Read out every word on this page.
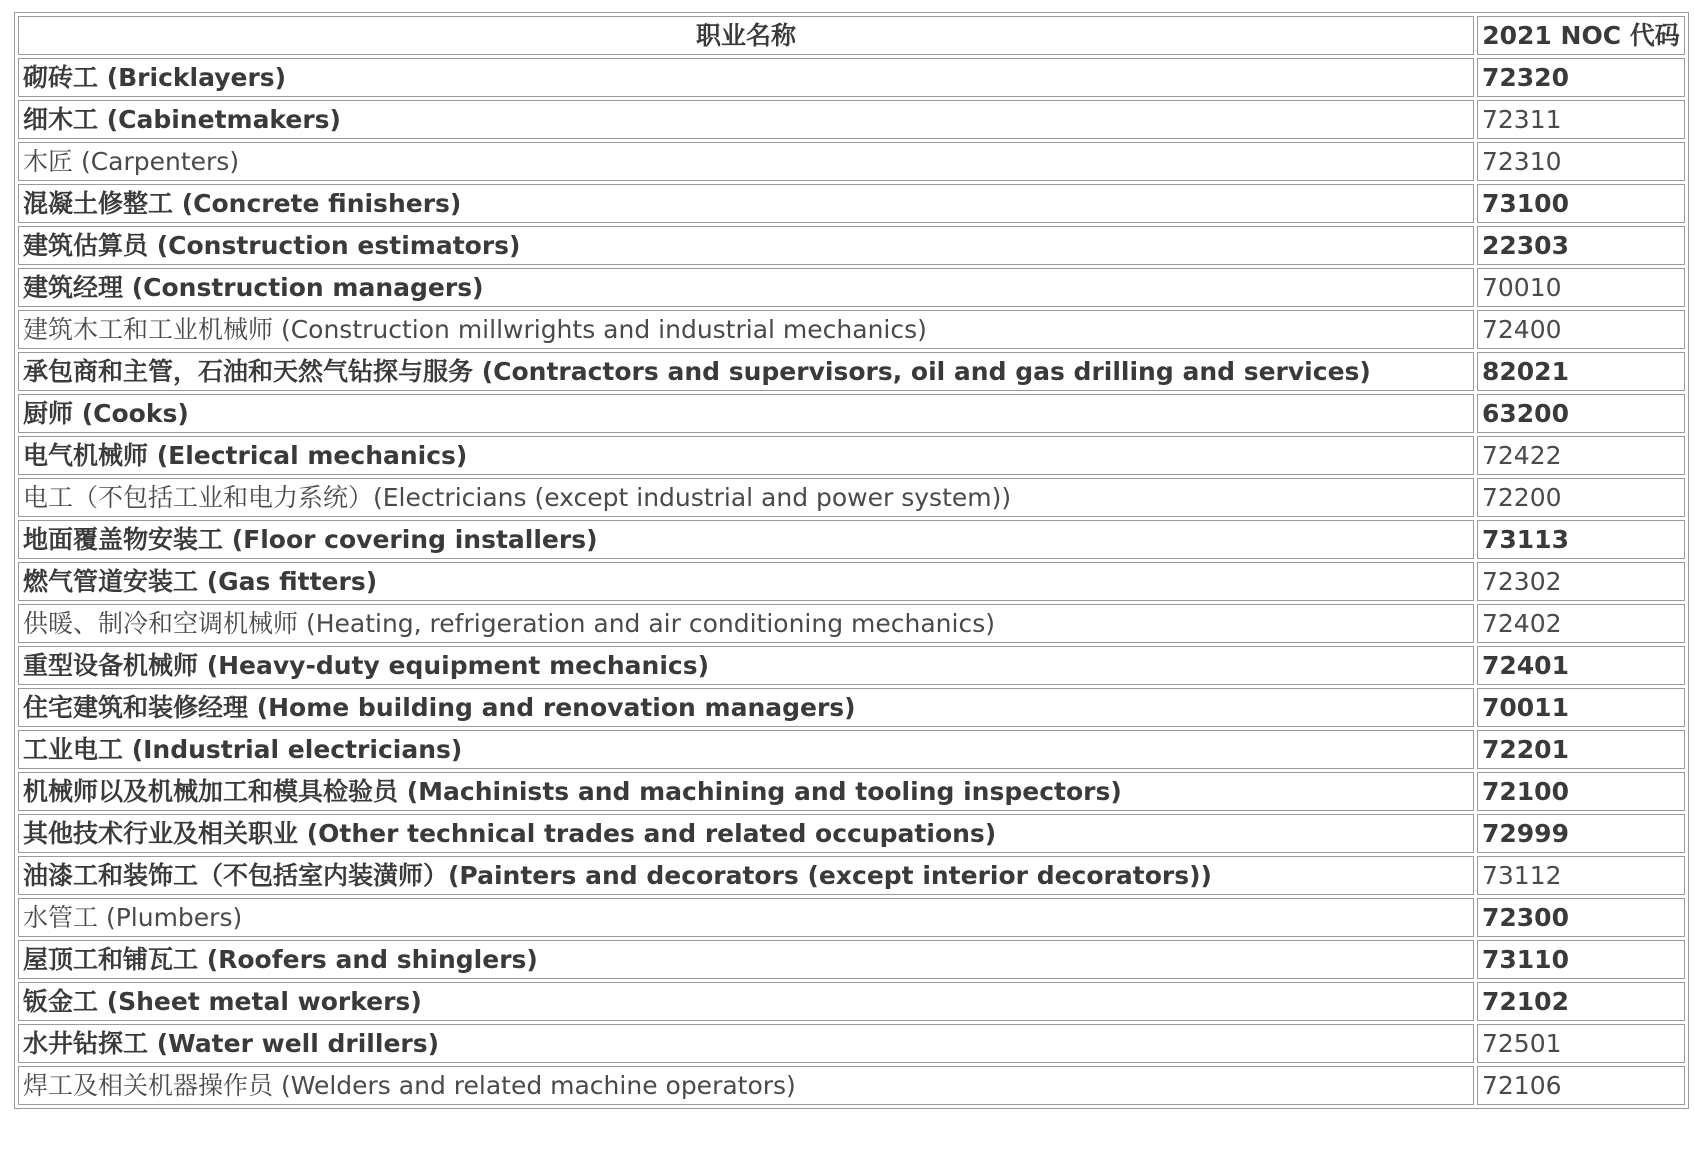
职业名称	2021 NOC 代码
砌砖工 (Bricklayers)	72320
细木工 (Cabinetmakers)	72311
木匠 (Carpenters)	72310
混凝土修整工 (Concrete finishers)	73100
建筑估算员 (Construction estimators)	22303
建筑经理 (Construction managers)	70010
建筑木工和工业机械师 (Construction millwrights and industrial mechanics)	72400
承包商和主管，石油和天然气钻探与服务 (Contractors and supervisors, oil and gas drilling and services)	82021
厨师 (Cooks)	63200
电气机械师 (Electrical mechanics)	72422
电工（不包括工业和电力系统）(Electricians (except industrial and power system))	72200
地面覆盖物安装工 (Floor covering installers)	73113
燃气管道安装工 (Gas fitters)	72302
供暖、制冷和空调机械师 (Heating, refrigeration and air conditioning mechanics)	72402
重型设备机械师 (Heavy-duty equipment mechanics)	72401
住宅建筑和装修经理 (Home building and renovation managers)	70011
工业电工 (Industrial electricians)	72201
机械师以及机械加工和模具检验员 (Machinists and machining and tooling inspectors)	72100
其他技术行业及相关职业 (Other technical trades and related occupations)	72999
油漆工和装饰工（不包括室内装潢师）(Painters and decorators (except interior decorators))	73112
水管工 (Plumbers)	72300
屋顶工和铺瓦工 (Roofers and shinglers)	73110
钣金工 (Sheet metal workers)	72102
水井钻探工 (Water well drillers)	72501
焊工及相关机器操作员 (Welders and related machine operators)	72106
